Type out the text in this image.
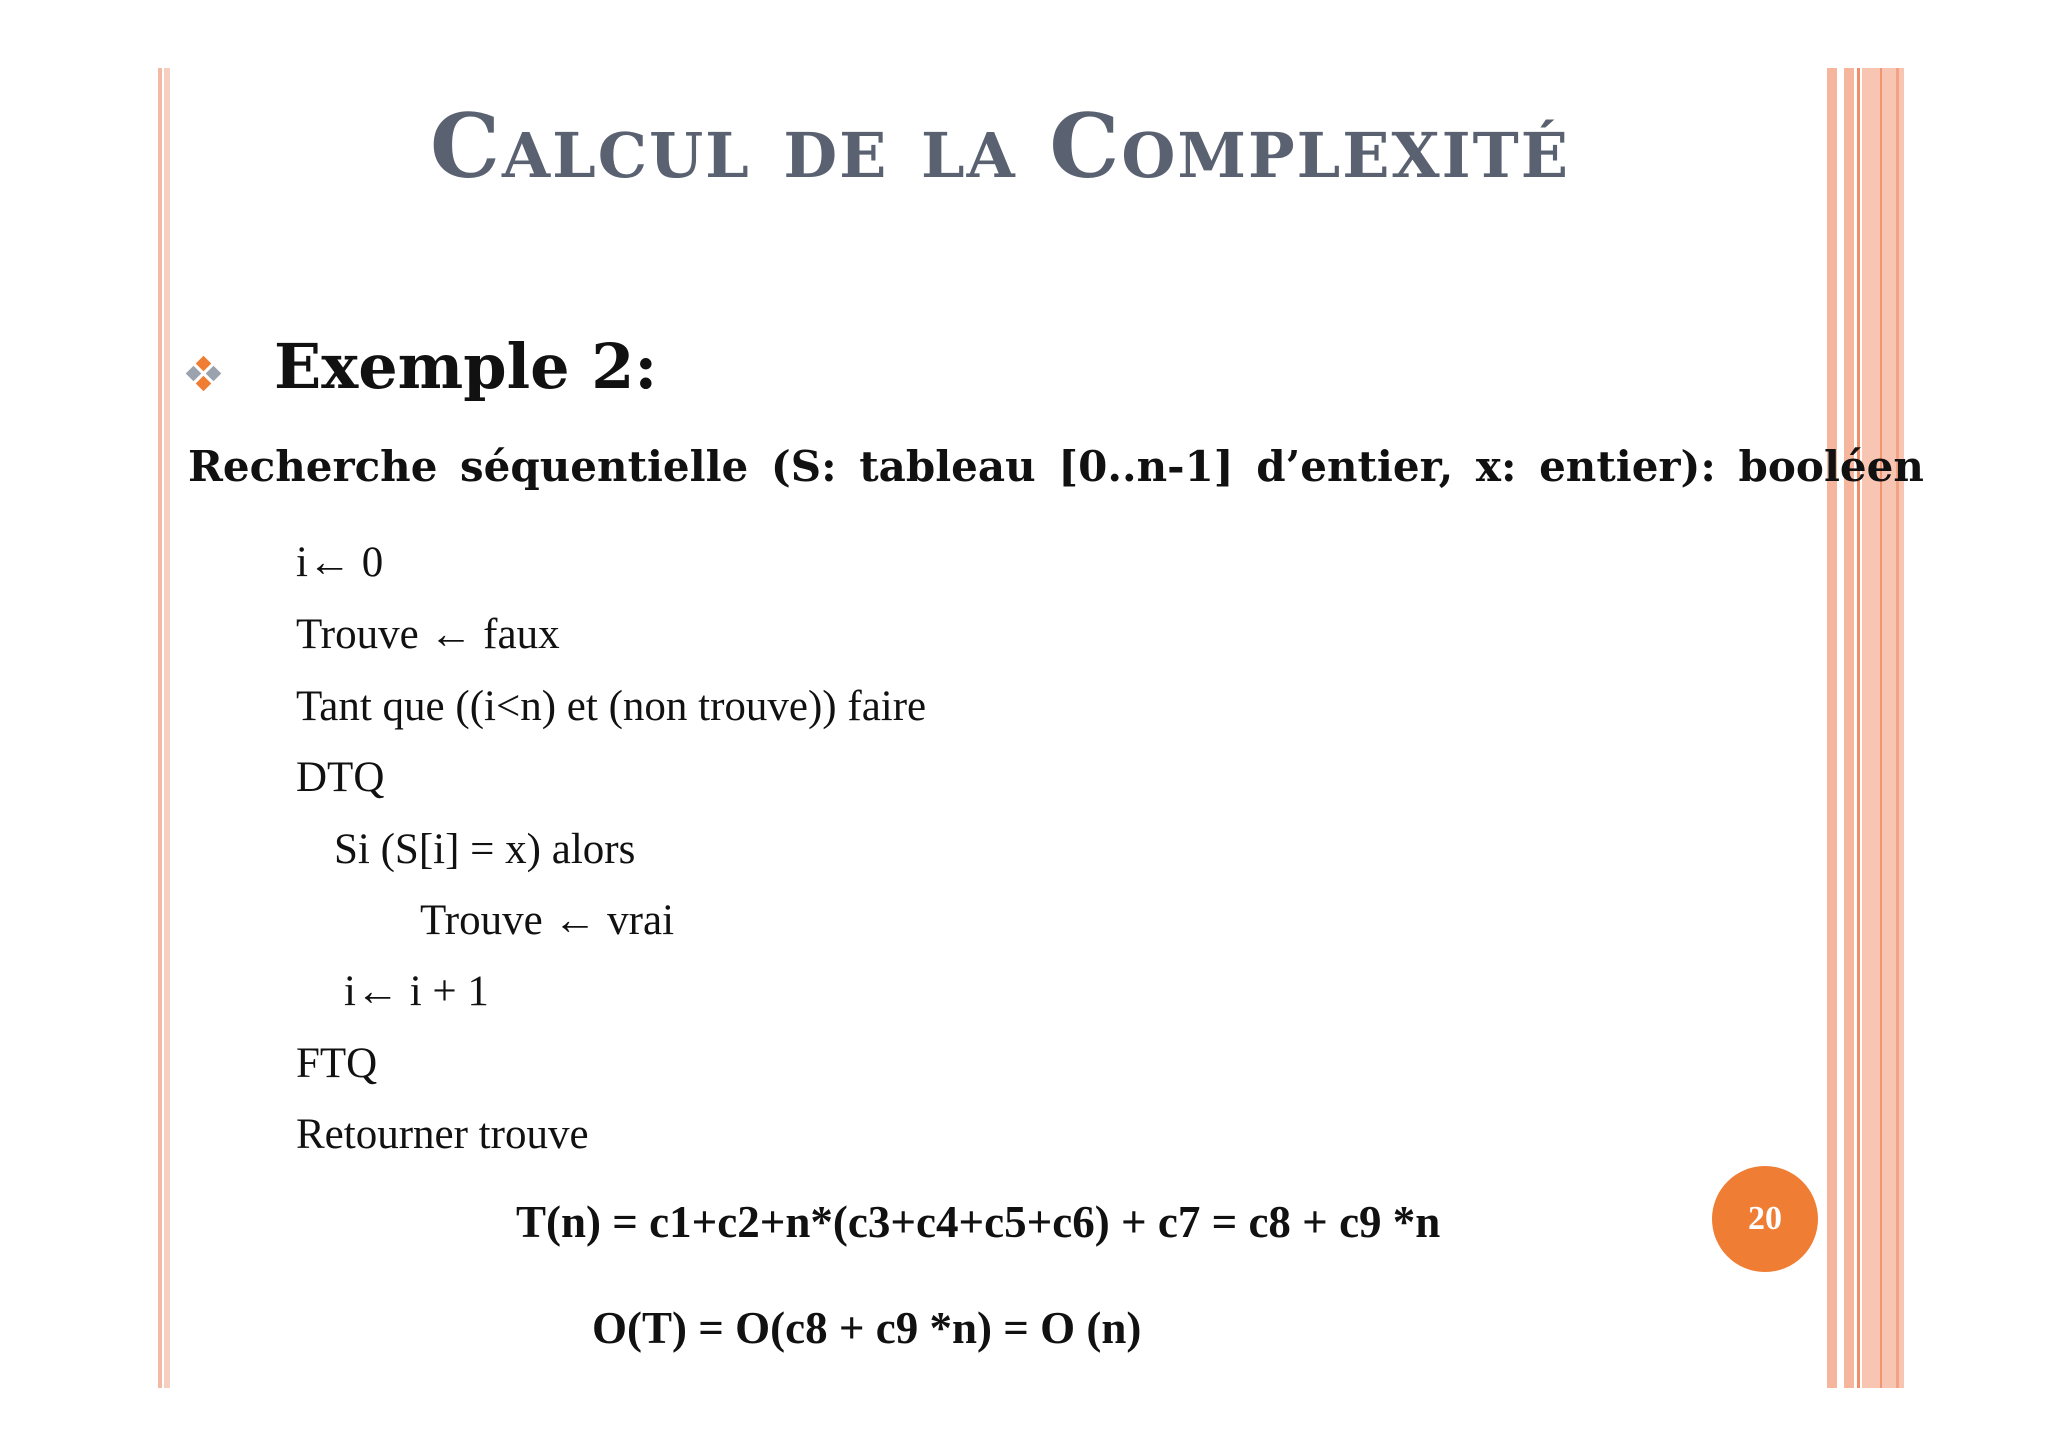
Calcul de la Complexité
Exemple 2:
Recherche séquentielle (S: tableau [0..n-1] d’entier, x: entier): booléen
i← 0
Trouve ← faux
Tant que ((i<n) et (non trouve)) faire
DTQ
Si (S[i] = x) alors
Trouve ← vrai
i← i + 1
FTQ
Retourner trouve
T(n) = c1+c2+n*(c3+c4+c5+c6) + c7 = c8 + c9 *n
O(T) = O(c8 + c9 *n) = O (n)
20
